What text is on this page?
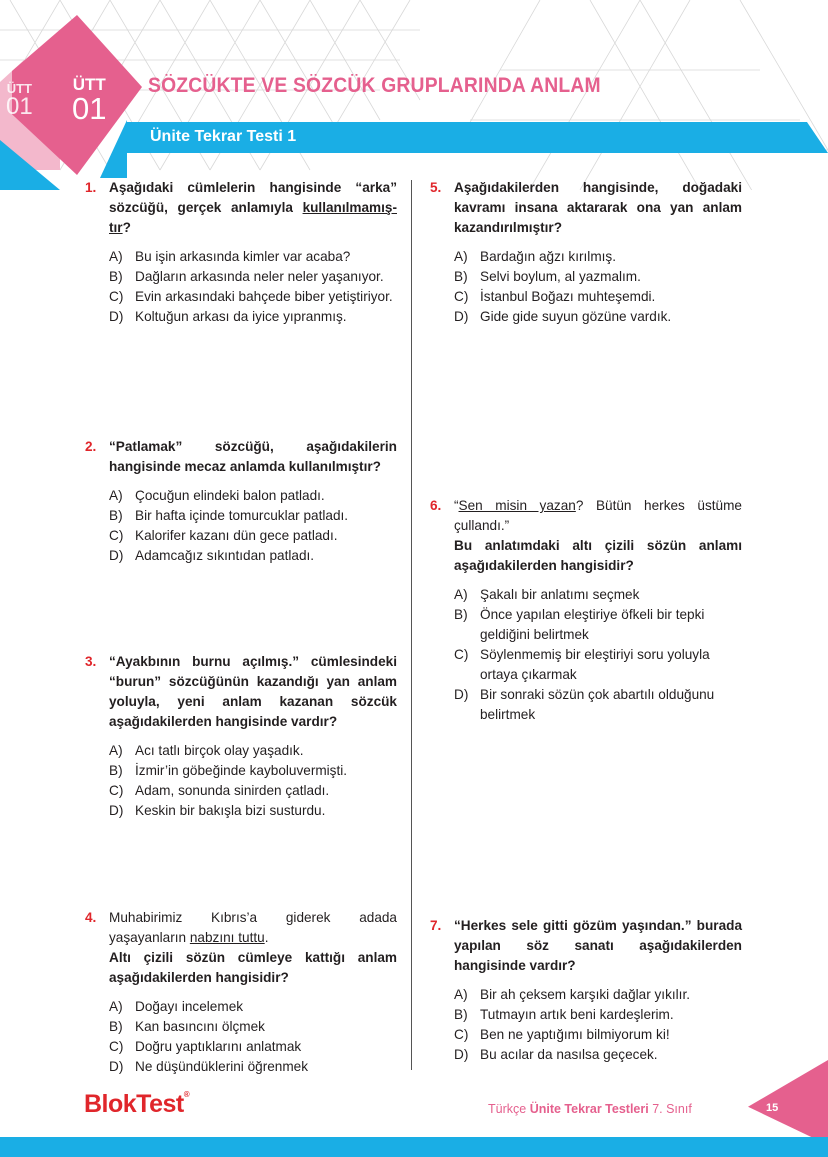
ÜTT
01
ÜTT
01
SÖZCÜKTE VE SÖZCÜK GRUPLARINDA ANLAM
Ünite Tekrar Testi 1
1. Aşağıdaki cümlelerin hangisinde “arka” sözcüğü, gerçek anlamıyla kullanılmamış-tır?

A) Bu işin arkasında kimler var acaba?
B) Dağların arkasında neler neler yaşanıyor.
C) Evin arkasındaki bahçede biber yetiştiriyor.
D) Koltuğun arkası da iyice yıpranmış.
2. “Patlamak” sözcüğü, aşağıdakilerin hangisinde mecaz anlamda kullanılmıştır?

A) Çocuğun elindeki balon patladı.
B) Bir hafta içinde tomurcuklar patladı.
C) Kalorifer kazanı dün gece patladı.
D) Adamcağız sıkıntıdan patladı.
3. “Ayakbının burnu açılmış.” cümlesindeki “burun” sözcüğünün kazandığı yan anlam yoluyla, yeni anlam kazanan sözcük aşağıdakilerden hangisinde vardır?

A) Acı tatlı birçok olay yaşadık.
B) İzmir’in göbeğinde kayboluvermişti.
C) Adam, sonunda sinirden çatladı.
D) Keskin bir bakışla bizi susturdu.
4. Muhabirimiz Kıbrıs’a giderek adada yaşayanların nabzını tuttu.

Altı çizili sözün cümleye kattığı anlam aşağıdakilerden hangisidir?

A) Doğayı incelemek
B) Kan basıncını ölçmek
C) Doğru yaptıklarını anlatmak
D) Ne düşündüklerini öğrenmek
5. Aşağıdakilerden hangisinde, doğadaki kavramı insana aktararak ona yan anlam kazandırılmıştır?

A) Bardağın ağzı kırılmış.
B) Selvi boylum, al yazmalım.
C) İstanbul Boğazı muhteşemdi.
D) Gide gide suyun gözüne vardık.
6. “Sen misin yazan? Bütün herkes üstüme çullandı.”

Bu anlatımdaki altı çizili sözün anlamı aşağıdakilerden hangisidir?

A) Şakalı bir anlatımı seçmek
B) Önce yapılan eleştiriye öfkeli bir tepki geldiğini belirtmek
C) Söylenmemiş bir eleştiriyi soru yoluyla ortaya çıkarmak
D) Bir sonraki sözün çok abartılı olduğunu belirtmek
7. “Herkes sele gitti gözüm yaşından.” burada yapılan söz sanatı aşağıdakilerden hangisinde vardır?

A) Bir ah çeksem karşıki dağlar yıkılır.
B) Tutmayın artık beni kardeşlerim.
C) Ben ne yaptığımı bilmiyorum ki!
D) Bu acılar da nasılsa geçecek.
BlokTest®
Türkçe Ünite Tekrar Testleri 7. Sınıf	15
